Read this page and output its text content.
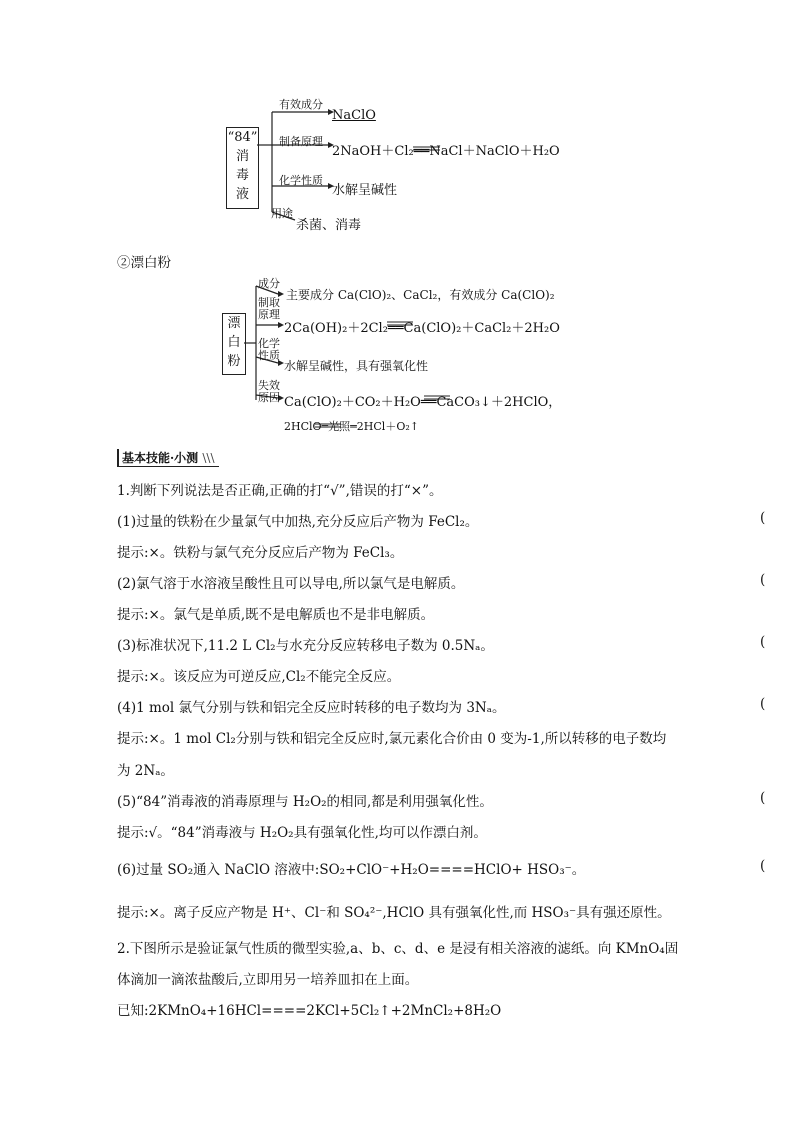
“84”
消
毒
液
有效成分
NaClO
制备原理
2NaOH＋Cl₂══NaCl＋NaClO＋H₂O
化学性质
水解呈碱性
用途
杀菌、消毒
②漂白粉
漂
白
粉
成分
主要成分 Ca(ClO)₂、CaCl₂，有效成分 Ca(ClO)₂
制取
原理
2Ca(OH)₂＋2Cl₂══Ca(ClO)₂＋CaCl₂＋2H₂O
化学
性质
水解呈碱性，具有强氧化性
失效
原因 Ca(ClO)₂＋CO₂＋H₂O══CaCO₃↓＋2HClO，
2HClO═光照═2HCl＋O₂↑
基本技能·小测 \\\
1.判断下列说法是否正确,正确的打“√”,错误的打“×”。
(1)过量的铁粉在少量氯气中加热,充分反应后产物为 FeCl₂。	(
提示:×。铁粉与氯气充分反应后产物为 FeCl₃。
(2)氯气溶于水溶液呈酸性且可以导电,所以氯气是电解质。	(
提示:×。氯气是单质,既不是电解质也不是非电解质。
(3)标准状况下,11.2 L Cl₂与水充分反应转移电子数为 0.5Nₐ。	(
提示:×。该反应为可逆反应,Cl₂不能完全反应。
(4)1 mol 氯气分别与铁和铝完全反应时转移的电子数均为 3Nₐ。	(
提示:×。1 mol Cl₂分别与铁和铝完全反应时,氯元素化合价由 0 变为-1,所以转移的电子数均
为 2Nₐ。
(5)“84”消毒液的消毒原理与 H₂O₂的相同,都是利用强氧化性。	(
提示:√。“84”消毒液与 H₂O₂具有强氧化性,均可以作漂白剂。
(6)过量 SO₂通入 NaClO 溶液中:SO₂+ClO⁻+H₂O====HClO+ HSO₃⁻。	(
提示:×。离子反应产物是 H⁺、Cl⁻和 SO₄²⁻,HClO 具有强氧化性,而 HSO₃⁻具有强还原性。
2.下图所示是验证氯气性质的微型实验,a、b、c、d、e 是浸有相关溶液的滤纸。向 KMnO₄固
体滴加一滴浓盐酸后,立即用另一培养皿扣在上面。
已知:2KMnO₄+16HCl====2KCl+5Cl₂↑+2MnCl₂+8H₂O
